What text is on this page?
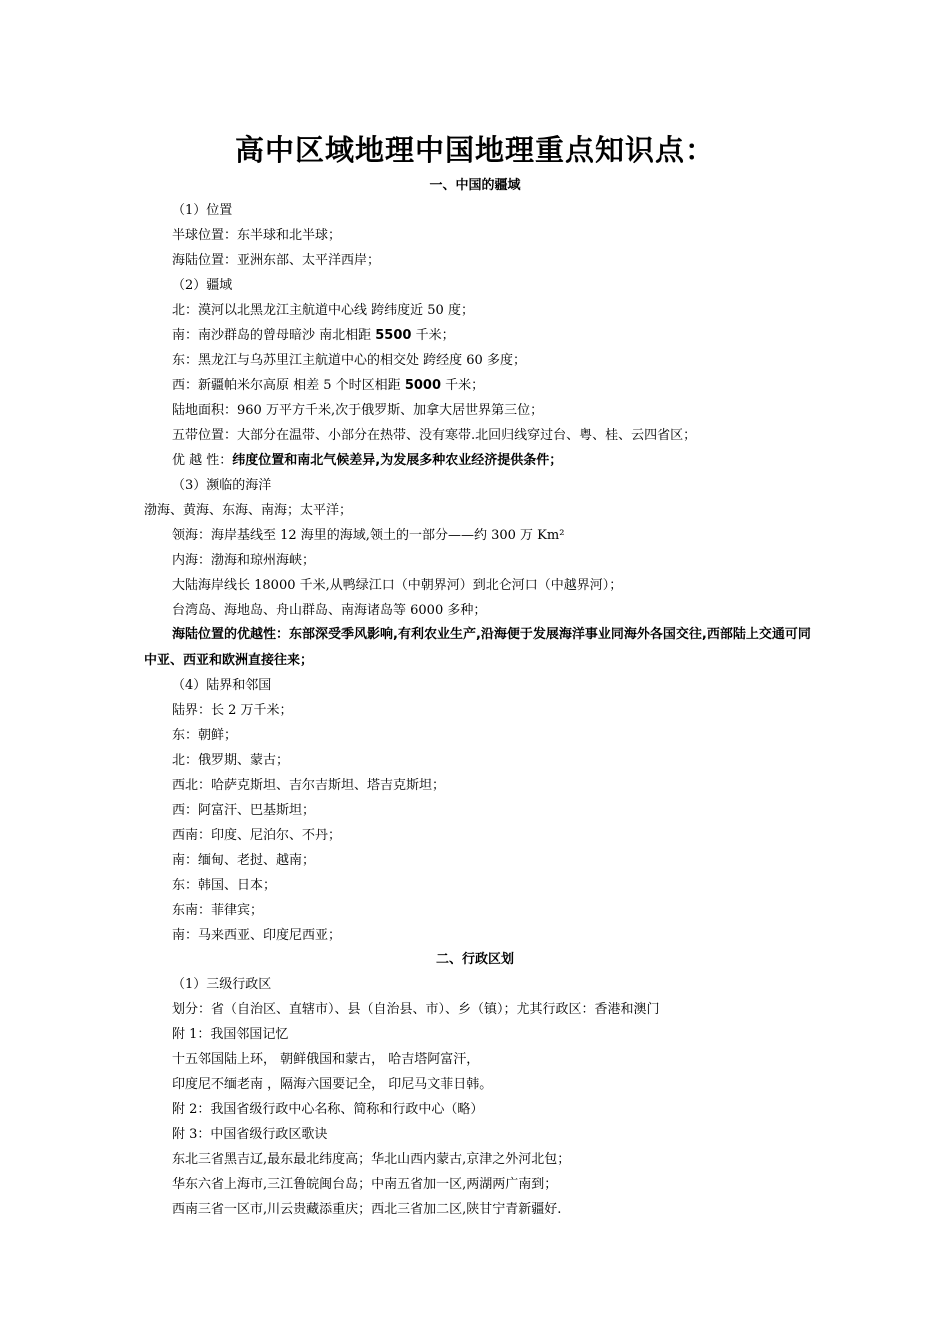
高中区域地理中国地理重点知识点：
一、中国的疆域

（1）位置

半球位置：东半球和北半球；

海陆位置：亚洲东部、太平洋西岸；

（2）疆域

北：漠河以北黑龙江主航道中心线 跨纬度近 50 度；

南：南沙群岛的曾母暗沙 南北相距 5500 千米；

东：黑龙江与乌苏里江主航道中心的相交处 跨经度 60 多度；

西：新疆帕米尔高原 相差 5 个时区相距 5000 千米；

陆地面积：960 万平方千米,次于俄罗斯、加拿大居世界第三位；

五带位置：大部分在温带、小部分在热带、没有寒带.北回归线穿过台、粤、桂、云四省区；

优 越 性：纬度位置和南北气候差异,为发展多种农业经济提供条件；

（3）濒临的海洋

渤海、黄海、东海、南海；太平洋；

领海：海岸基线至 12 海里的海域,领土的一部分——约 300 万 Km²

内海：渤海和琼州海峡；

大陆海岸线长 18000 千米,从鸭绿江口（中朝界河）到北仑河口（中越界河）；

台湾岛、海地岛、舟山群岛、南海诸岛等 6000 多种；

海陆位置的优越性：东部深受季风影响,有利农业生产,沿海便于发展海洋事业同海外各国交往,西部陆上交通可同中亚、西亚和欧洲直接往来；

（4）陆界和邻国

陆界：长 2 万千米；

东：朝鲜；

北：俄罗期、蒙古；

西北：哈萨克斯坦、吉尔吉斯坦、塔吉克斯坦；

西：阿富汗、巴基斯坦；

西南：印度、尼泊尔、不丹；

南：缅甸、老挝、越南；

东：韩国、日本；

东南：菲律宾；

南：马来西亚、印度尼西亚；

二、行政区划

（1）三级行政区

划分：省（自治区、直辖市）、县（自治县、市）、乡（镇）；尤其行政区：香港和澳门

附 1：我国邻国记忆

十五邻国陆上环， 朝鲜俄国和蒙古， 哈吉塔阿富汗，

印度尼不缅老南 ，隔海六国要记全， 印尼马文菲日韩。

附 2：我国省级行政中心名称、简称和行政中心（略）

附 3：中国省级行政区歌诀

东北三省黑吉辽,最东最北纬度高；华北山西内蒙古,京津之外河北包；

华东六省上海市,三江鲁皖闽台岛；中南五省加一区,两湖两广南到；

西南三省一区市,川云贵藏添重庆；西北三省加二区,陕甘宁青新疆好.
